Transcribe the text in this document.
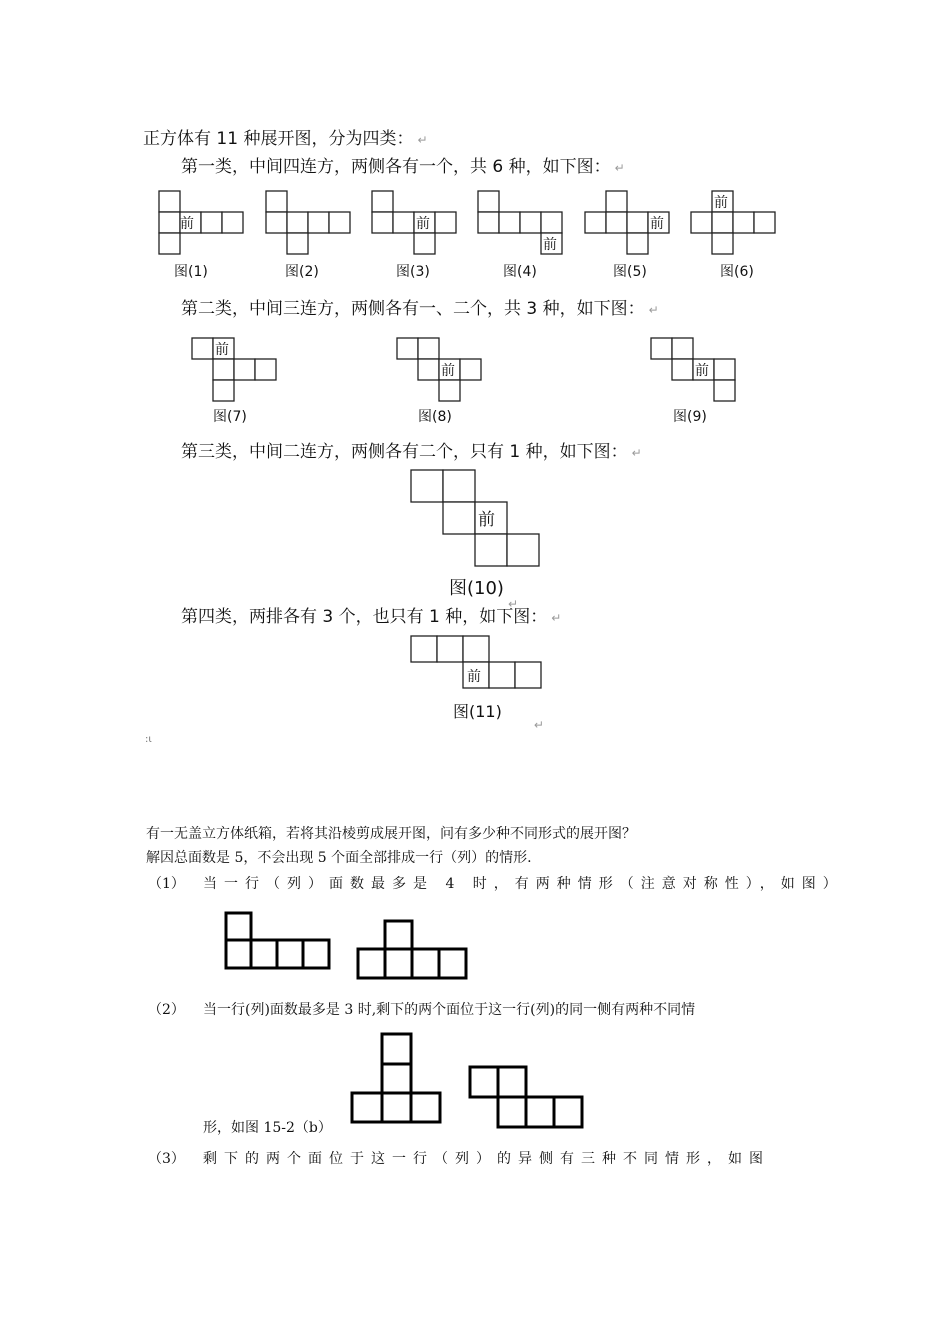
正方体有 11 种展开图，分为四类： ↵
第一类，中间四连方，两侧各有一个，共 6 种，如下图： ↵
前
图(1)	图(2)
前
图(3)
前
图(4)
前
图(5)
前
图(6)
第二类，中间三连方，两侧各有一、二个，共 3 种，如下图： ↵
前
图(7)
前
图(8)
前
图(9)
第三类，中间二连方，两侧各有二个，只有 1 种，如下图： ↵
前
图$(10)_↵$
第四类，两排各有 3 个，也只有 1 种，如下图： ↵
前
图$(11)_↵$
:ι
有一无盖立方体纸箱，若将其沿棱剪成展开图，问有多少种不同形式的展开图？
解因总面数是 5，不会出现 5 个面全部排成一行（列）的情形.
（1） 当一行（列）面数最多是 4 时，有两种情形（注意对称性），如图）
（2） 当一行(列)面数最多是 3 时,剩下的两个面位于这一行(列)的同一侧有两种不同情
形，如图 15-2（b）
（3） 剩下的两个面位于这一行（列）的异侧有三种不同情形，如图
